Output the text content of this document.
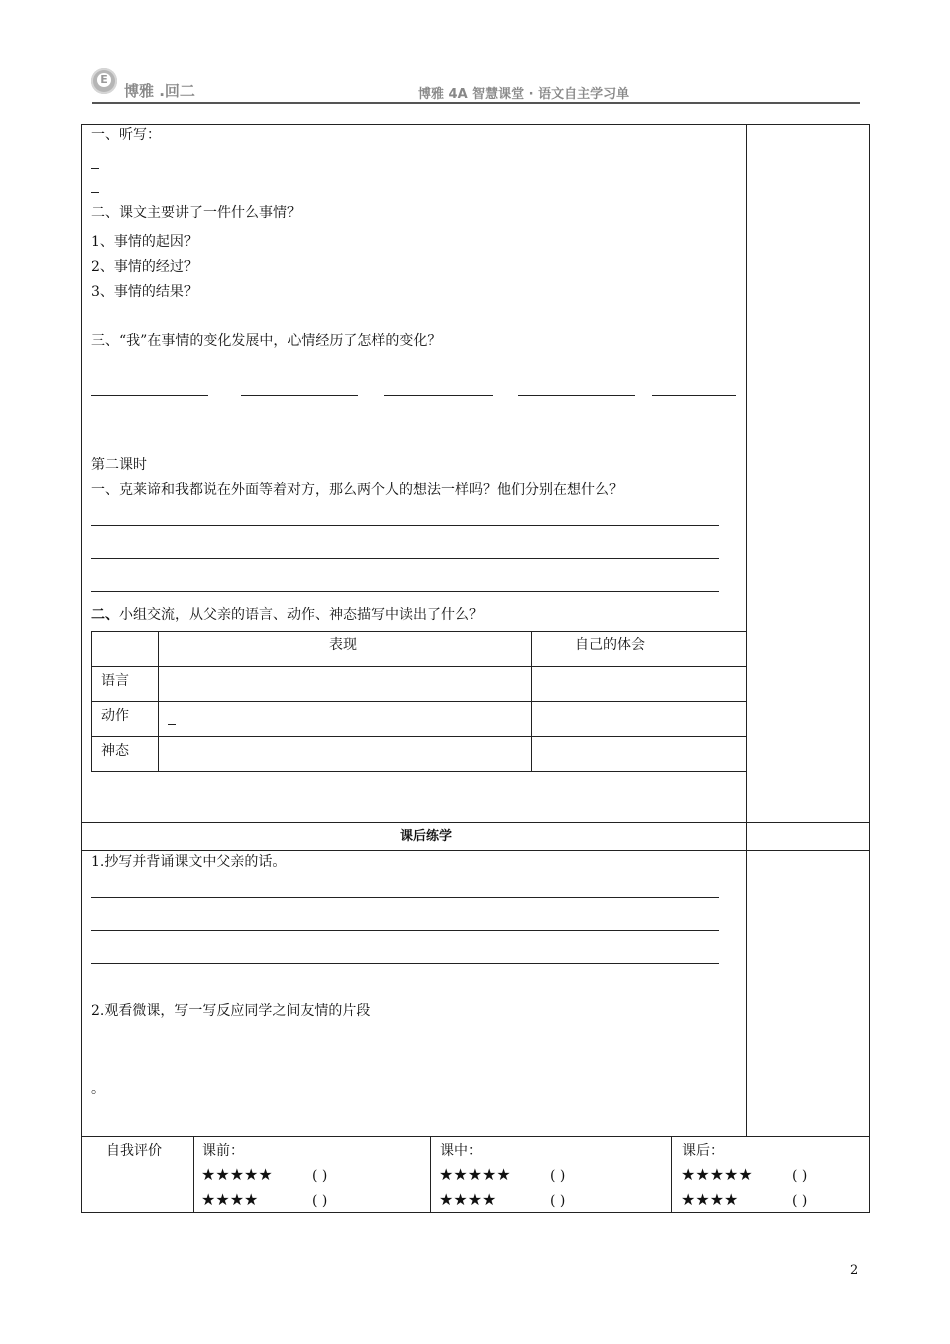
E
博雅 .回二	博雅 4A 智慧课堂 · 语文自主学习单
一、听写：
二、课文主要讲了一件什么事情？
1、事情的起因？
2、事情的经过？
3、事情的结果？
三、“我”在事情的变化发展中，心情经历了怎样的变化？
第二课时
一、克莱谛和我都说在外面等着对方，那么两个人的想法一样吗？他们分别在想什么？
二、小组交流，从父亲的语言、动作、神态描写中读出了什么？
表现	自己的体会
语言
动作
神态
课后练学
1.抄写并背诵课文中父亲的话。
2.观看微课，写一写反应同学之间友情的片段
。
自我评价	课前：
★★★★★	( )
★★★★	( )
课中：
★★★★★	( )
★★★★	( )
课后：
★★★★★	( )
★★★★	( )
2
